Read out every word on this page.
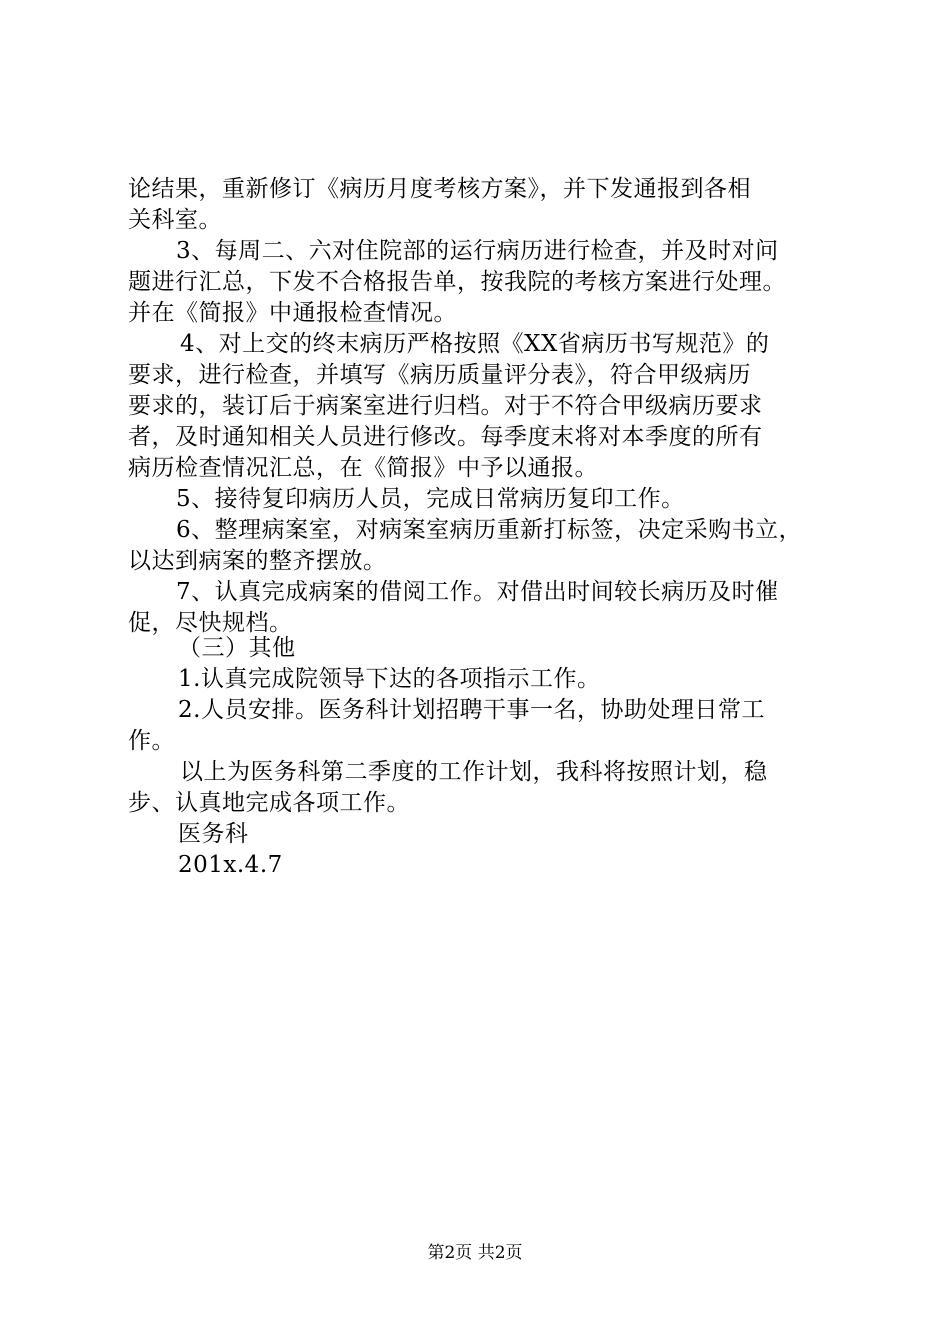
论结果，重新修订《病历月度考核方案》，并下发通报到各相
关科室。
3、每周二、六对住院部的运行病历进行检查，并及时对问
题进行汇总，下发不合格报告单，按我院的考核方案进行处理。
并在《简报》中通报检查情况。
4、对上交的终末病历严格按照《XX省病历书写规范》的
要求，进行检查，并填写《病历质量评分表》，符合甲级病历
要求的，装订后于病案室进行归档。对于不符合甲级病历要求
者，及时通知相关人员进行修改。每季度末将对本季度的所有
病历检查情况汇总，在《简报》中予以通报。
5、接待复印病历人员，完成日常病历复印工作。
6、整理病案室，对病案室病历重新打标签，决定采购书立，
以达到病案的整齐摆放。
7、认真完成病案的借阅工作。对借出时间较长病历及时催
促，尽快规档。
（三）其他
1.认真完成院领导下达的各项指示工作。
2.人员安排。医务科计划招聘干事一名，协助处理日常工
作。
以上为医务科第二季度的工作计划，我科将按照计划，稳
步、认真地完成各项工作。
医务科
201x.4.7
第2页 共2页
